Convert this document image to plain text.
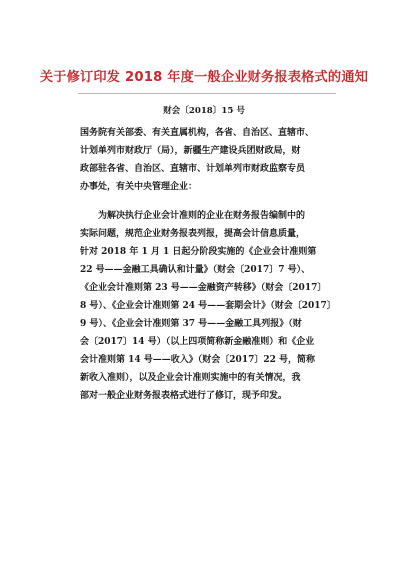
关于修订印发 2018 年度一般企业财务报表格式的通知
财会〔2018〕15 号
国务院有关部委、有关直属机构，各省、自治区、直辖市、
计划单列市财政厅（局），新疆生产建设兵团财政局，财
政部驻各省、自治区、直辖市、计划单列市财政监察专员
办事处，有关中央管理企业：
为解决执行企业会计准则的企业在财务报告编制中的
实际问题，规范企业财务报表列报，提高会计信息质量，
针对 2018 年 1 月 1 日起分阶段实施的《企业会计准则第
22 号——金融工具确认和计量》（财会〔2017〕7 号）、
《企业会计准则第 23 号——金融资产转移》（财会〔2017〕
8 号）、《企业会计准则第 24 号——套期会计》（财会〔2017〕
9 号）、《企业会计准则第 37 号——金融工具列报》（财
会〔2017〕14 号）（以上四项简称新金融准则）和《企业
会计准则第 14 号——收入》（财会〔2017〕22 号，简称
新收入准则），以及企业会计准则实施中的有关情况，我
部对一般企业财务报表格式进行了修订，现予印发。
